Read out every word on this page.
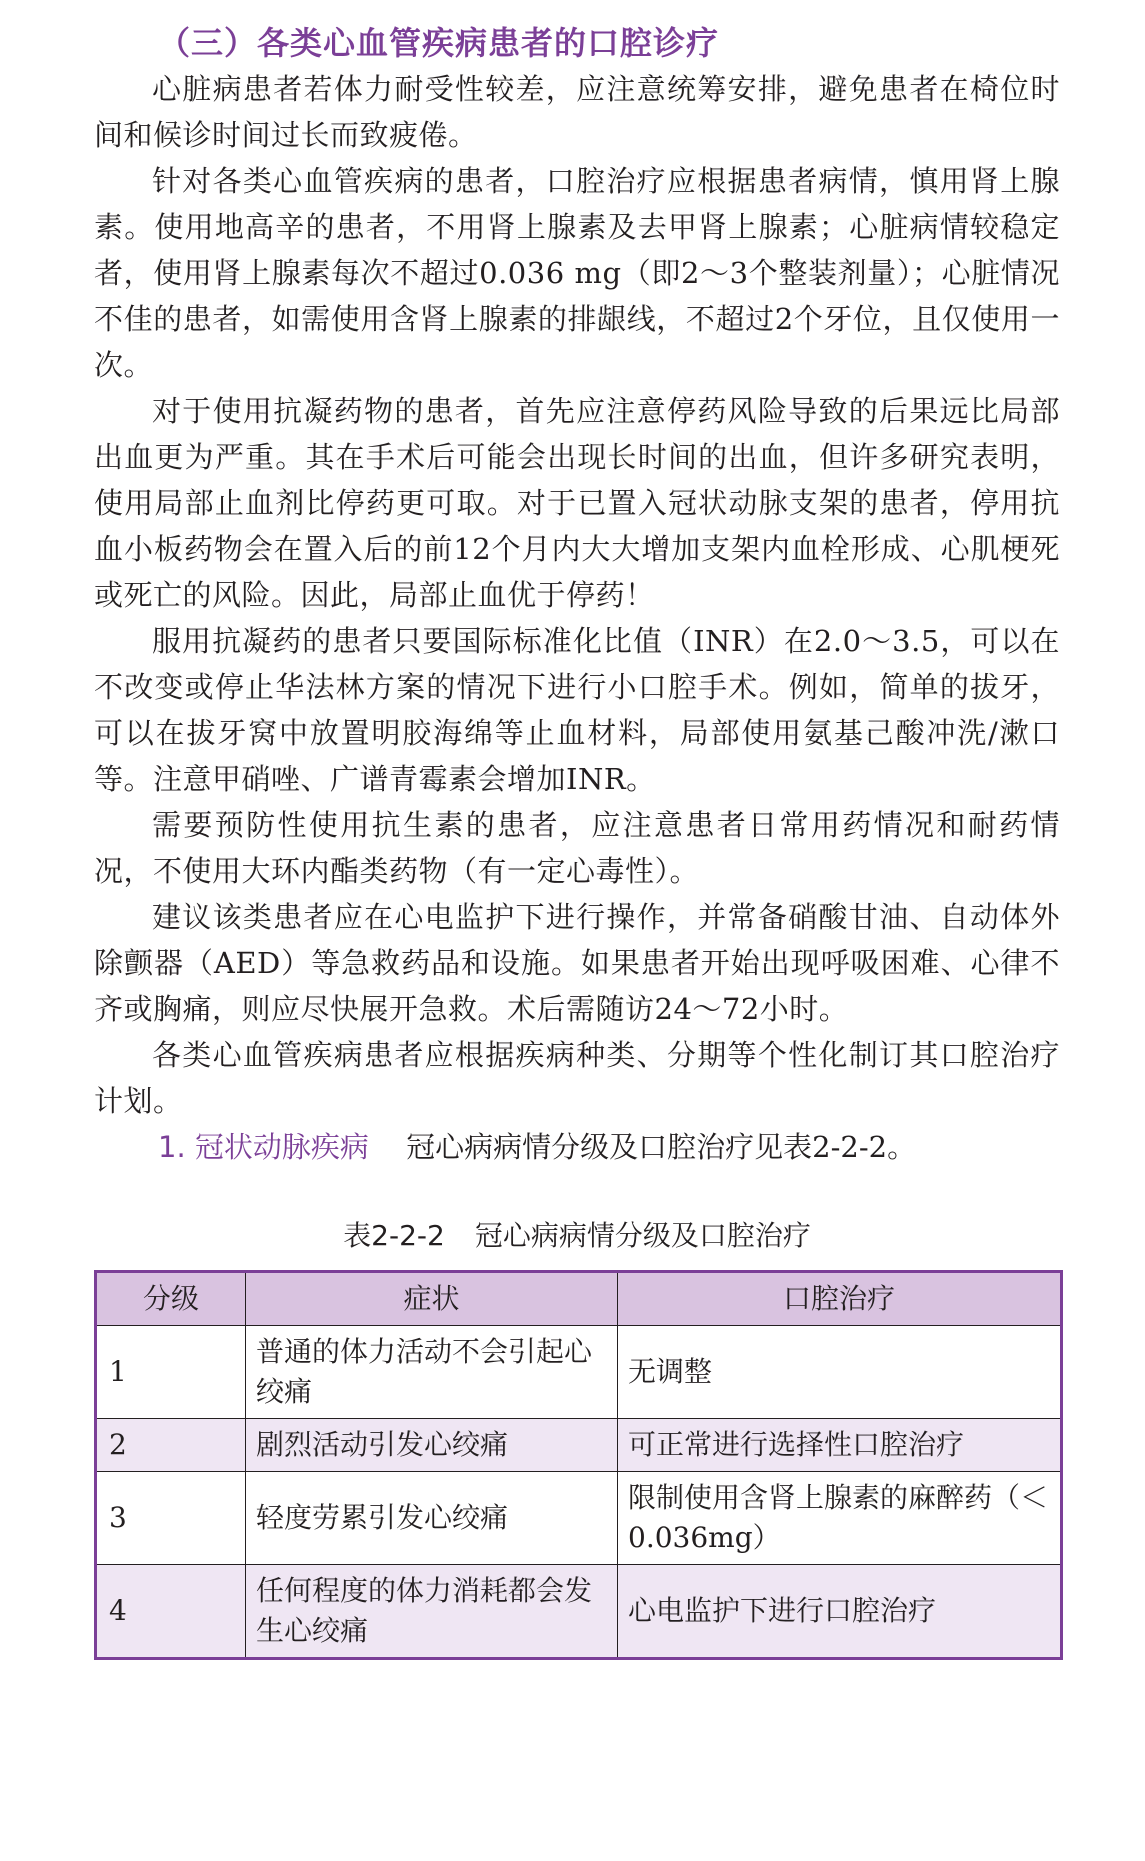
（三）各类心血管疾病患者的口腔诊疗

心脏病患者若体力耐受性较差，应注意统筹安排，避免患者在椅位时间和候诊时间过长而致疲倦。

针对各类心血管疾病的患者，口腔治疗应根据患者病情，慎用肾上腺素。使用地高辛的患者，不用肾上腺素及去甲肾上腺素；心脏病情较稳定者，使用肾上腺素每次不超过0.036 mg（即2～3个整装剂量）；心脏情况不佳的患者，如需使用含肾上腺素的排龈线，不超过2个牙位，且仅使用一次。

对于使用抗凝药物的患者，首先应注意停药风险导致的后果远比局部出血更为严重。其在手术后可能会出现长时间的出血，但许多研究表明，使用局部止血剂比停药更可取。对于已置入冠状动脉支架的患者，停用抗血小板药物会在置入后的前12个月内大大增加支架内血栓形成、心肌梗死或死亡的风险。因此，局部止血优于停药！

服用抗凝药的患者只要国际标准化比值（INR）在2.0～3.5，可以在不改变或停止华法林方案的情况下进行小口腔手术。例如，简单的拔牙，可以在拔牙窝中放置明胶海绵等止血材料，局部使用氨基己酸冲洗/漱口等。注意甲硝唑、广谱青霉素会增加INR。

需要预防性使用抗生素的患者，应注意患者日常用药情况和耐药情况，不使用大环内酯类药物（有一定心毒性）。

建议该类患者应在心电监护下进行操作，并常备硝酸甘油、自动体外除颤器（AED）等急救药品和设施。如果患者开始出现呼吸困难、心律不齐或胸痛，则应尽快展开急救。术后需随访24～72小时。

各类心血管疾病患者应根据疾病种类、分期等个性化制订其口腔治疗计划。

1. 冠状动脉疾病 冠心病病情分级及口腔治疗见表2-2-2。

表2-2-2 冠心病病情分级及口腔治疗
分级	症状	口腔治疗
1	普通的体力活动不会引起心绞痛	无调整
2	剧烈活动引发心绞痛	可正常进行选择性口腔治疗
3	轻度劳累引发心绞痛	限制使用含肾上腺素的麻醉药（＜0.036mg）
4	任何程度的体力消耗都会发生心绞痛	心电监护下进行口腔治疗
